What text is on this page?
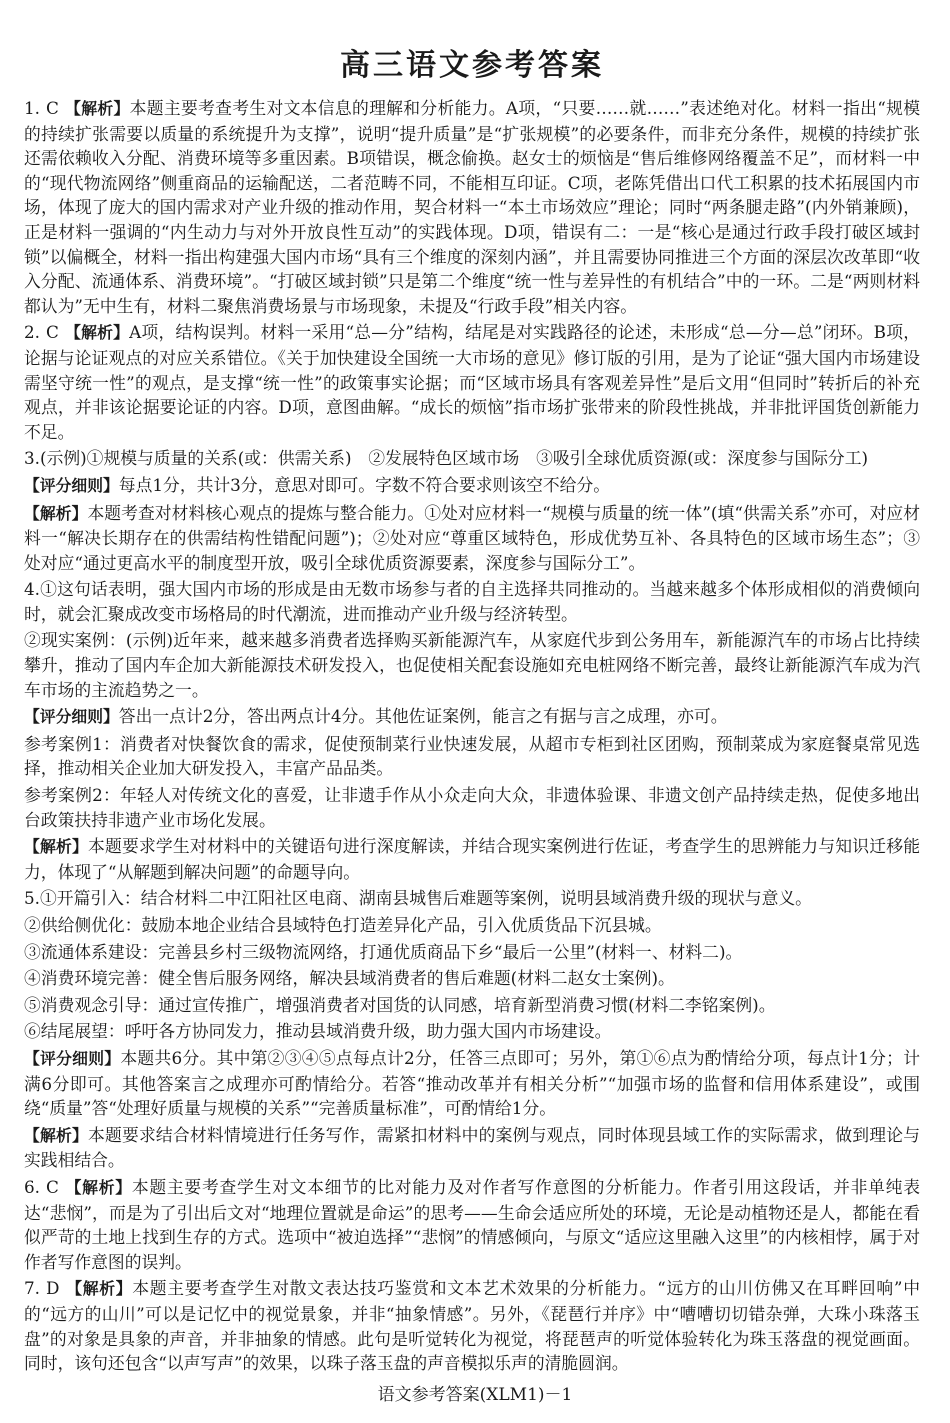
高三语文参考答案

1. C 【解析】本题主要考查考生对文本信息的理解和分析能力。A项，“只要……就……”表述绝对化。材料一指出“规模的持续扩张需要以质量的系统提升为支撑”，说明“提升质量”是“扩张规模”的必要条件，而非充分条件，规模的持续扩张还需依赖收入分配、消费环境等多重因素。B项错误，概念偷换。赵女士的烦恼是“售后维修网络覆盖不足”，而材料一中的“现代物流网络”侧重商品的运输配送，二者范畴不同，不能相互印证。C项，老陈凭借出口代工积累的技术拓展国内市场，体现了庞大的国内需求对产业升级的推动作用，契合材料一“本土市场效应”理论；同时“两条腿走路”(内外销兼顾)，正是材料一强调的“内生动力与对外开放良性互动”的实践体现。D项，错误有二：一是“核心是通过行政手段打破区域封锁”以偏概全，材料一指出构建强大国内市场“具有三个维度的深刻内涵”，并且需要协同推进三个方面的深层次改革即“收入分配、流通体系、消费环境”。“打破区域封锁”只是第二个维度“统一性与差异性的有机结合”中的一环。二是“两则材料都认为”无中生有，材料二聚焦消费场景与市场现象，未提及“行政手段”相关内容。

2. C 【解析】A项，结构误判。材料一采用“总—分”结构，结尾是对实践路径的论述，未形成“总—分—总”闭环。B项，论据与论证观点的对应关系错位。《关于加快建设全国统一大市场的意见》修订版的引用，是为了论证“强大国内市场建设需坚守统一性”的观点，是支撑“统一性”的政策事实论据；而“区域市场具有客观差异性”是后文用“但同时”转折后的补充观点，并非该论据要论证的内容。D项，意图曲解。“成长的烦恼”指市场扩张带来的阶段性挑战，并非批评国货创新能力不足。

3.(示例)①规模与质量的关系(或：供需关系)　②发展特色区域市场　③吸引全球优质资源(或：深度参与国际分工)

【评分细则】每点1分，共计3分，意思对即可。字数不符合要求则该空不给分。

【解析】本题考查对材料核心观点的提炼与整合能力。①处对应材料一“规模与质量的统一体”(填“供需关系”亦可，对应材料一“解决长期存在的供需结构性错配问题”)；②处对应“尊重区域特色，形成优势互补、各具特色的区域市场生态”；③处对应“通过更高水平的制度型开放，吸引全球优质资源要素，深度参与国际分工”。

4.①这句话表明，强大国内市场的形成是由无数市场参与者的自主选择共同推动的。当越来越多个体形成相似的消费倾向时，就会汇聚成改变市场格局的时代潮流，进而推动产业升级与经济转型。

②现实案例：(示例)近年来，越来越多消费者选择购买新能源汽车，从家庭代步到公务用车，新能源汽车的市场占比持续攀升，推动了国内车企加大新能源技术研发投入，也促使相关配套设施如充电桩网络不断完善，最终让新能源汽车成为汽车市场的主流趋势之一。

【评分细则】答出一点计2分，答出两点计4分。其他佐证案例，能言之有据与言之成理，亦可。

参考案例1：消费者对快餐饮食的需求，促使预制菜行业快速发展，从超市专柜到社区团购，预制菜成为家庭餐桌常见选择，推动相关企业加大研发投入，丰富产品品类。

参考案例2：年轻人对传统文化的喜爱，让非遗手作从小众走向大众，非遗体验课、非遗文创产品持续走热，促使多地出台政策扶持非遗产业市场化发展。

【解析】本题要求学生对材料中的关键语句进行深度解读，并结合现实案例进行佐证，考查学生的思辨能力与知识迁移能力，体现了“从解题到解决问题”的命题导向。

5.①开篇引入：结合材料二中江阳社区电商、湖南县城售后难题等案例，说明县域消费升级的现状与意义。

②供给侧优化：鼓励本地企业结合县域特色打造差异化产品，引入优质货品下沉县城。

③流通体系建设：完善县乡村三级物流网络，打通优质商品下乡“最后一公里”(材料一、材料二)。

④消费环境完善：健全售后服务网络，解决县域消费者的售后难题(材料二赵女士案例)。

⑤消费观念引导：通过宣传推广，增强消费者对国货的认同感，培育新型消费习惯(材料二李铭案例)。

⑥结尾展望：呼吁各方协同发力，推动县域消费升级，助力强大国内市场建设。

【评分细则】本题共6分。其中第②③④⑤点每点计2分，任答三点即可；另外，第①⑥点为酌情给分项，每点计1分；计满6分即可。其他答案言之成理亦可酌情给分。若答“推动改革并有相关分析”“加强市场的监督和信用体系建设”，或围绕“质量”答“处理好质量与规模的关系”“完善质量标准”，可酌情给1分。

【解析】本题要求结合材料情境进行任务写作，需紧扣材料中的案例与观点，同时体现县域工作的实际需求，做到理论与实践相结合。

6. C 【解析】本题主要考查学生对文本细节的比对能力及对作者写作意图的分析能力。作者引用这段话，并非单纯表达“悲悯”，而是为了引出后文对“地理位置就是命运”的思考——生命会适应所处的环境，无论是动植物还是人，都能在看似严苛的土地上找到生存的方式。选项中“被迫选择”“悲悯”的情感倾向，与原文“适应这里融入这里”的内核相悖，属于对作者写作意图的误判。

7. D 【解析】本题主要考查学生对散文表达技巧鉴赏和文本艺术效果的分析能力。“远方的山川仿佛又在耳畔回响”中的“远方的山川”可以是记忆中的视觉景象，并非“抽象情感”。另外，《琵琶行并序》中“嘈嘈切切错杂弹，大珠小珠落玉盘”的对象是具象的声音，并非抽象的情感。此句是听觉转化为视觉，将琵琶声的听觉体验转化为珠玉落盘的视觉画面。同时，该句还包含“以声写声”的效果，以珠子落玉盘的声音模拟乐声的清脆圆润。

语文参考答案(XLM1)－1
